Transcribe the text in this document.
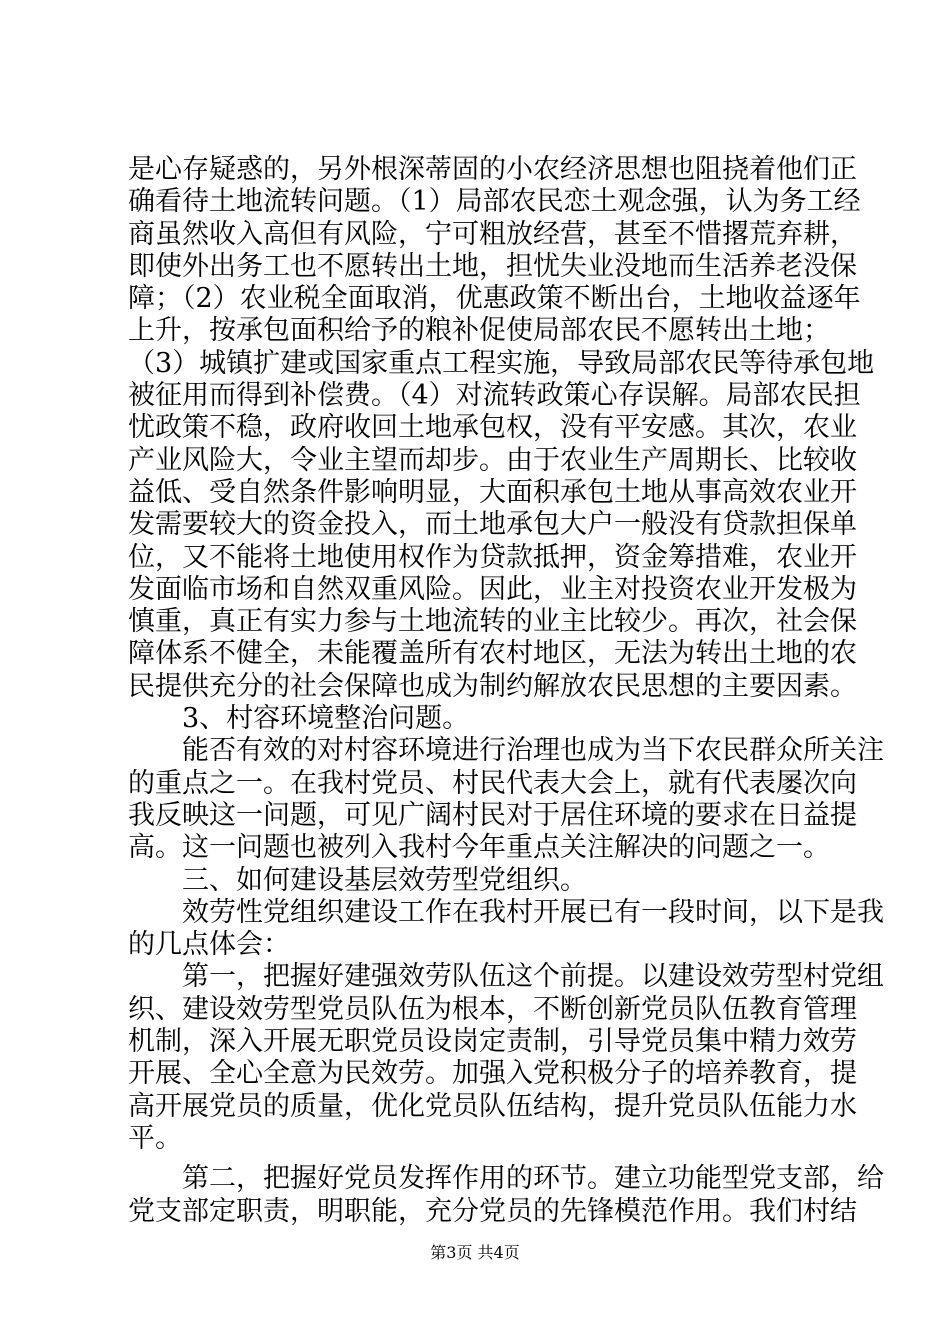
是心存疑惑的，另外根深蒂固的小农经济思想也阻挠着他们正
确看待土地流转问题。（1）局部农民恋土观念强，认为务工经
商虽然收入高但有风险，宁可粗放经营，甚至不惜撂荒弃耕，
即使外出务工也不愿转出土地，担忧失业没地而生活养老没保
障；（2）农业税全面取消，优惠政策不断出台，土地收益逐年
上升，按承包面积给予的粮补促使局部农民不愿转出土地；
（3）城镇扩建或国家重点工程实施，导致局部农民等待承包地
被征用而得到补偿费。（4）对流转政策心存误解。局部农民担
忧政策不稳，政府收回土地承包权，没有平安感。其次，农业
产业风险大，令业主望而却步。由于农业生产周期长、比较收
益低、受自然条件影响明显，大面积承包土地从事高效农业开
发需要较大的资金投入，而土地承包大户一般没有贷款担保单
位，又不能将土地使用权作为贷款抵押，资金筹措难，农业开
发面临市场和自然双重风险。因此，业主对投资农业开发极为
慎重，真正有实力参与土地流转的业主比较少。再次，社会保
障体系不健全，未能覆盖所有农村地区，无法为转出土地的农
民提供充分的社会保障也成为制约解放农民思想的主要因素。
3、村容环境整治问题。
能否有效的对村容环境进行治理也成为当下农民群众所关注
的重点之一。在我村党员、村民代表大会上，就有代表屡次向
我反映这一问题，可见广阔村民对于居住环境的要求在日益提
高。这一问题也被列入我村今年重点关注解决的问题之一。
三、如何建设基层效劳型党组织。
效劳性党组织建设工作在我村开展已有一段时间，以下是我
的几点体会：
第一，把握好建强效劳队伍这个前提。以建设效劳型村党组
织、建设效劳型党员队伍为根本，不断创新党员队伍教育管理
机制，深入开展无职党员设岗定责制，引导党员集中精力效劳
开展、全心全意为民效劳。加强入党积极分子的培养教育，提
高开展党员的质量，优化党员队伍结构，提升党员队伍能力水
平。
第二，把握好党员发挥作用的环节。建立功能型党支部，给
党支部定职责，明职能，充分党员的先锋模范作用。我们村结
第3页 共4页
